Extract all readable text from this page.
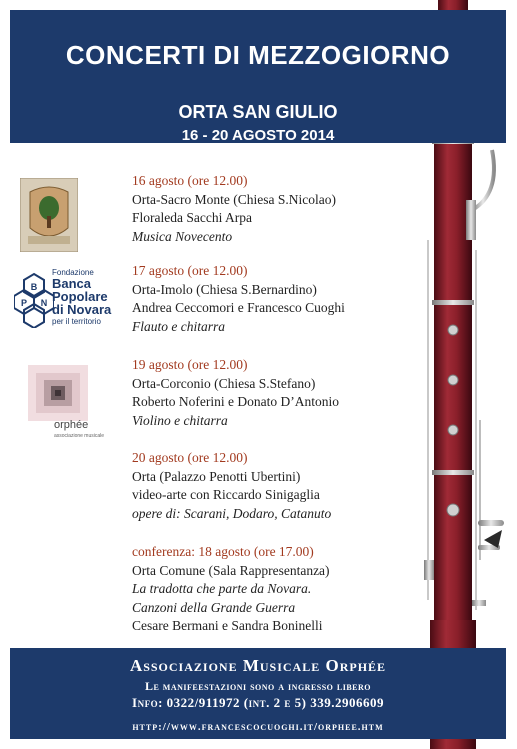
CONCERTI DI MEZZOGIORNO
ORTA SAN GIULIO
16 - 20 AGOSTO 2014
B
P N
Fondazione
Banca
Popolare
di Novara
per il territorio
orphée
associazione musicale
16 agosto (ore 12.00)
Orta-Sacro Monte (Chiesa S.Nicolao)
Floraleda Sacchi Arpa
Musica Novecento
17 agosto (ore 12.00)
Orta-Imolo (Chiesa S.Bernardino)
Andrea Ceccomori e Francesco Cuoghi
Flauto e chitarra
19 agosto (ore 12.00)
Orta-Corconio (Chiesa S.Stefano)
Roberto Noferini e Donato D’Antonio
Violino e chitarra
20 agosto (ore 12.00)
Orta (Palazzo Penotti Ubertini)
video-arte con Riccardo Sinigaglia
opere di: Scarani, Dodaro, Catanuto
conferenza: 18 agosto (ore 17.00)
Orta Comune (Sala Rappresentanza)
La tradotta che parte da Novara.
Canzoni della Grande Guerra
Cesare Bermani e Sandra Boninelli
Associazione Musicale Orphée
Le manifeestazioni sono a ingresso libero
Info: 0322/911972 (int. 2 e 5) 339.2906609
http://www.francescocuoghi.it/orphee.htm
